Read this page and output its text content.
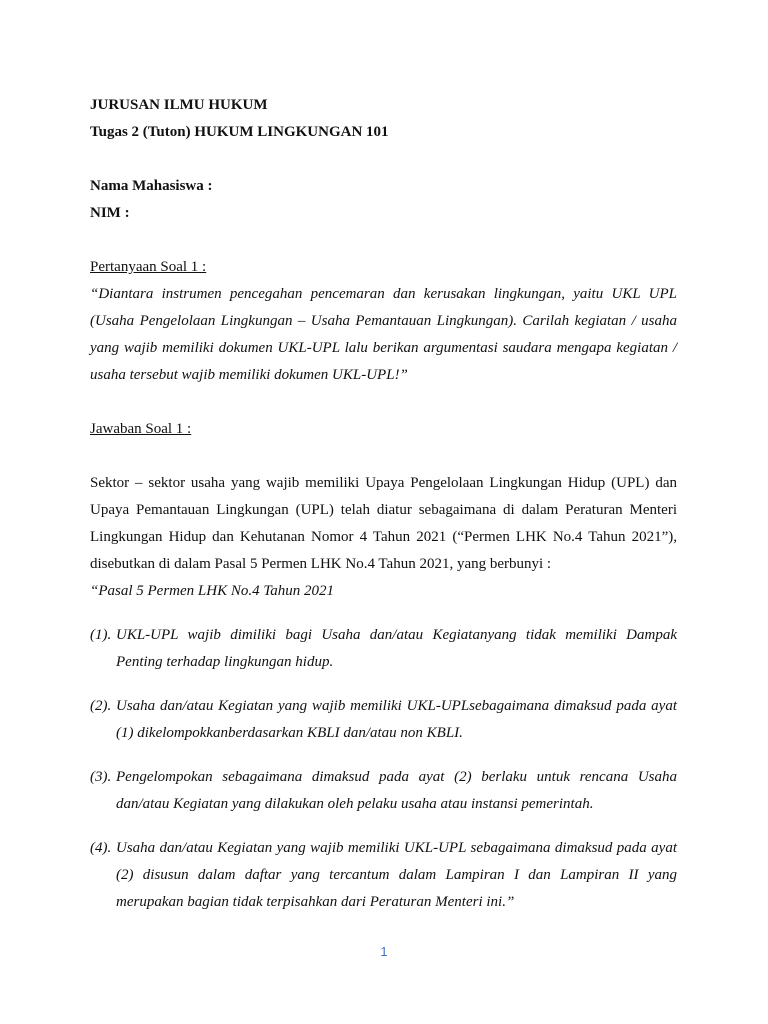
JURUSAN ILMU HUKUM
Tugas 2 (Tuton) HUKUM LINGKUNGAN 101
Nama Mahasiswa :
NIM :
Pertanyaan Soal 1 :
“Diantara instrumen pencegahan pencemaran dan kerusakan lingkungan, yaitu UKL UPL (Usaha Pengelolaan Lingkungan – Usaha Pemantauan Lingkungan). Carilah kegiatan / usaha yang wajib memiliki dokumen UKL-UPL lalu berikan argumentasi saudara mengapa kegiatan / usaha tersebut wajib memiliki dokumen UKL-UPL!”
Jawaban Soal 1 :
Sektor – sektor usaha yang wajib memiliki Upaya Pengelolaan Lingkungan Hidup (UPL) dan Upaya Pemantauan Lingkungan (UPL) telah diatur sebagaimana di dalam Peraturan Menteri Lingkungan Hidup dan Kehutanan Nomor 4 Tahun 2021 (“Permen LHK No.4 Tahun 2021”), disebutkan di dalam Pasal 5 Permen LHK No.4 Tahun 2021, yang berbunyi :
“Pasal 5 Permen LHK No.4 Tahun 2021
(1). UKL-UPL wajib dimiliki bagi Usaha dan/atau Kegiatanyang tidak memiliki Dampak Penting terhadap lingkungan hidup.
(2). Usaha dan/atau Kegiatan yang wajib memiliki UKL-UPLsebagaimana dimaksud pada ayat (1) dikelompokkanberdasarkan KBLI dan/atau non KBLI.
(3). Pengelompokan sebagaimana dimaksud pada ayat (2) berlaku untuk rencana Usaha dan/atau Kegiatan yang dilakukan oleh pelaku usaha atau instansi pemerintah.
(4). Usaha dan/atau Kegiatan yang wajib memiliki UKL-UPL sebagaimana dimaksud pada ayat (2) disusun dalam daftar yang tercantum dalam Lampiran I dan Lampiran II yang merupakan bagian tidak terpisahkan dari Peraturan Menteri ini.”
1
